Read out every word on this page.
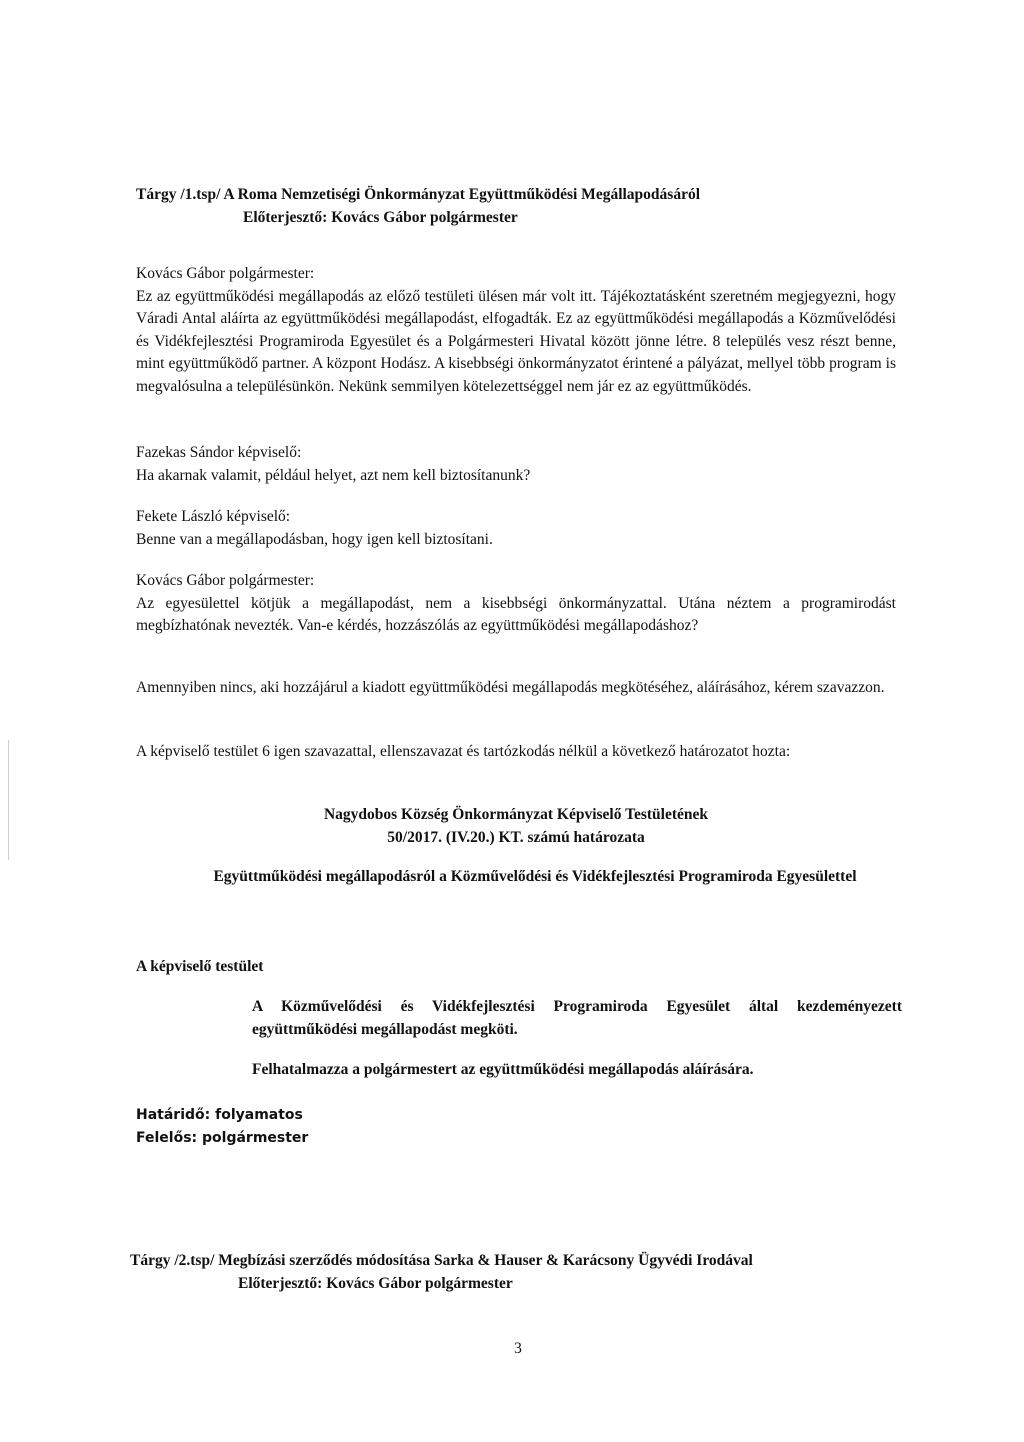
Tárgy /1.tsp/ A Roma Nemzetiségi Önkormányzat Együttműködési Megállapodásáról

Előterjesztő: Kovács Gábor polgármester

Kovács Gábor polgármester:

Ez az együttműködési megállapodás az előző testületi ülésen már volt itt. Tájékoztatásként szeretném megjegyezni, hogy Váradi Antal aláírta az együttműködési megállapodást, elfogadták. Ez az együttműködési megállapodás a Közművelődési és Vidékfejlesztési Programiroda Egyesület és a Polgármesteri Hivatal között jönne létre. 8 település vesz részt benne, mint együttműködő partner. A központ Hodász. A kisebbségi önkormányzatot érintené a pályázat, mellyel több program is megvalósulna a településünkön. Nekünk semmilyen kötelezettséggel nem jár ez az együttműködés.

Fazekas Sándor képviselő:

Ha akarnak valamit, például helyet, azt nem kell biztosítanunk?

Fekete László képviselő:

Benne van a megállapodásban, hogy igen kell biztosítani.

Kovács Gábor polgármester:

Az egyesülettel kötjük a megállapodást, nem a kisebbségi önkormányzattal. Utána néztem a programirodást megbízhatónak nevezték. Van-e kérdés, hozzászólás az együttműködési megállapodáshoz?

Amennyiben nincs, aki hozzájárul a kiadott együttműködési megállapodás megkötéséhez, aláírásához, kérem szavazzon.
A képviselő testület 6 igen szavazattal, ellenszavazat és tartózkodás nélkül a következő határozatot hozta:

Nagydobos Község Önkormányzat Képviselő Testületének

50/2017. (IV.20.) KT. számú határozata

Együttműködési megállapodásról a Közművelődési és Vidékfejlesztési Programiroda Egyesülettel
A képviselő testület
A Közművelődési és Vidékfejlesztési Programiroda Egyesület által kezdeményezett együttműködési megállapodást megköti.
Felhatalmazza a polgármestert az együttműködési megállapodás aláírására.

Határidő: folyamatos

Felelős: polgármester

Tárgy /2.tsp/ Megbízási szerződés módosítása Sarka & Hauser & Karácsony Ügyvédi Irodával

Előterjesztő: Kovács Gábor polgármester

3
